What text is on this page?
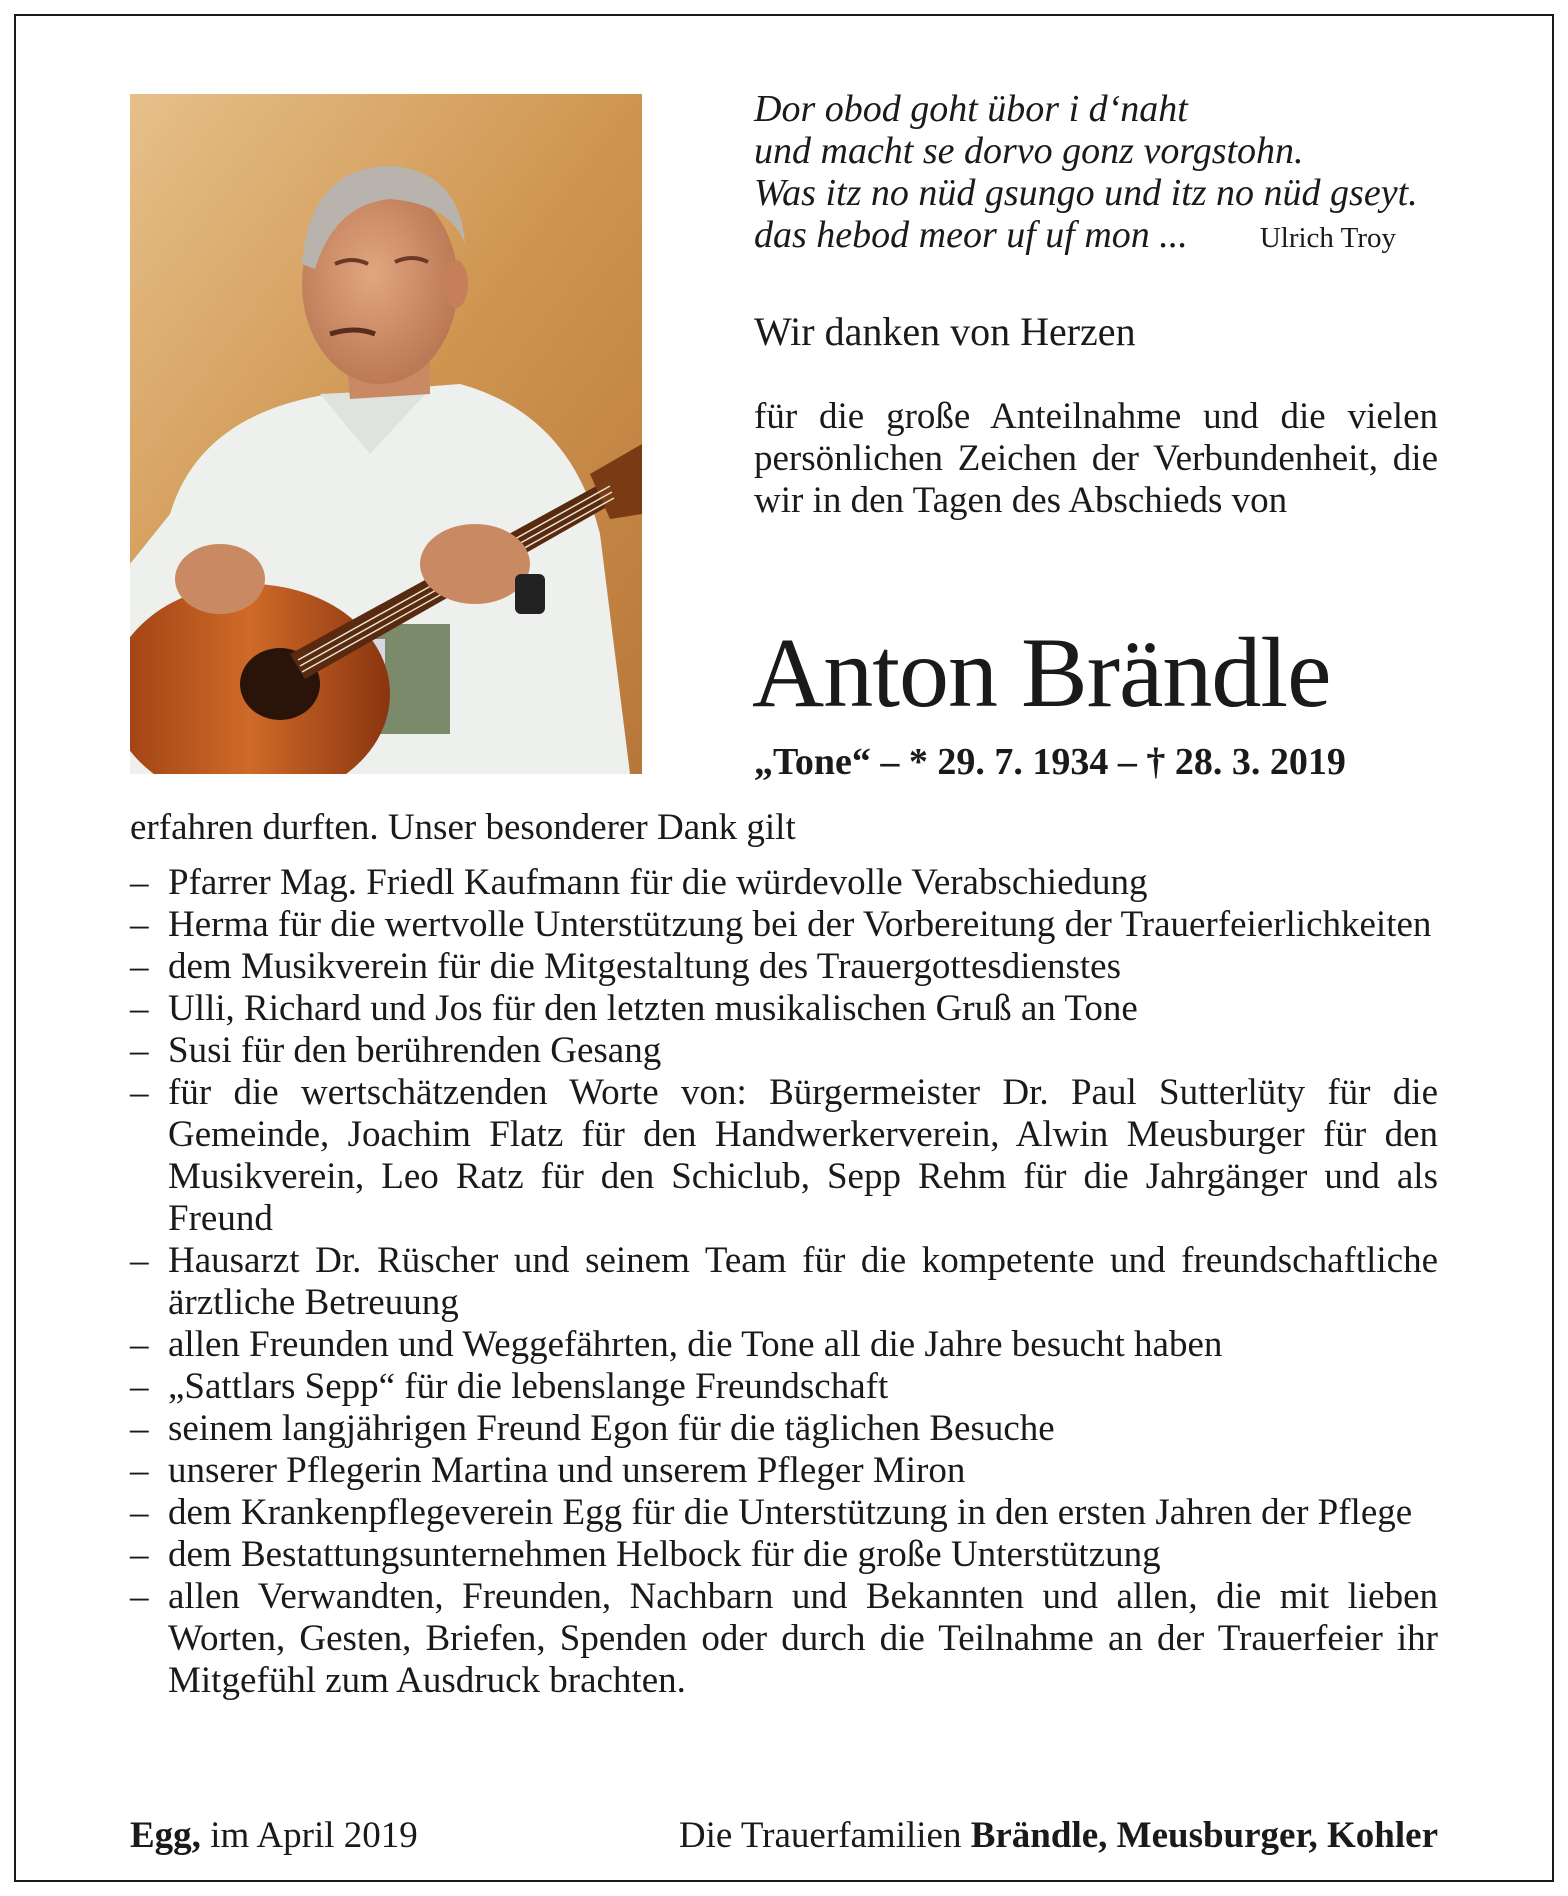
Dor obod goht übor i d‘naht
und macht se dorvo gonz vorgstohn.
Was itz no nüd gsungo und itz no nüd gseyt.
das hebod meor uf uf mon ... Ulrich Troy
Wir danken von Herzen
für die große Anteilnahme und die vielen persönlichen Zeichen der Verbundenheit, die wir in den Tagen des Abschieds von
Anton Brändle
„Tone“ – * 29. 7. 1934 – † 28. 3. 2019
erfahren durften. Unser besonderer Dank gilt
– Pfarrer Mag. Friedl Kaufmann für die würdevolle Verabschiedung
– Herma für die wertvolle Unterstützung bei der Vorbereitung der Trauerfeierlichkeiten
– dem Musikverein für die Mitgestaltung des Trauergottesdienstes
– Ulli, Richard und Jos für den letzten musikalischen Gruß an Tone
– Susi für den berührenden Gesang
– für die wertschätzenden Worte von: Bürgermeister Dr. Paul Sutterlüty für die Gemeinde, Joachim Flatz für den Handwerkerverein, Alwin Meusburger für den Musikverein, Leo Ratz für den Schiclub, Sepp Rehm für die Jahrgänger und als Freund
– Hausarzt Dr. Rüscher und seinem Team für die kompetente und freundschaftliche ärztliche Betreuung
– allen Freunden und Weggefährten, die Tone all die Jahre besucht haben
– „Sattlars Sepp“ für die lebenslange Freundschaft
– seinem langjährigen Freund Egon für die täglichen Besuche
– unserer Pflegerin Martina und unserem Pfleger Miron
– dem Krankenpflegeverein Egg für die Unterstützung in den ersten Jahren der Pflege
– dem Bestattungsunternehmen Helbock für die große Unterstützung
– allen Verwandten, Freunden, Nachbarn und Bekannten und allen, die mit lieben Worten, Gesten, Briefen, Spenden oder durch die Teilnahme an der Trauerfeier ihr Mitgefühl zum Ausdruck brachten.
Egg, im April 2019	Die Trauerfamilien Brändle, Meusburger, Kohler
